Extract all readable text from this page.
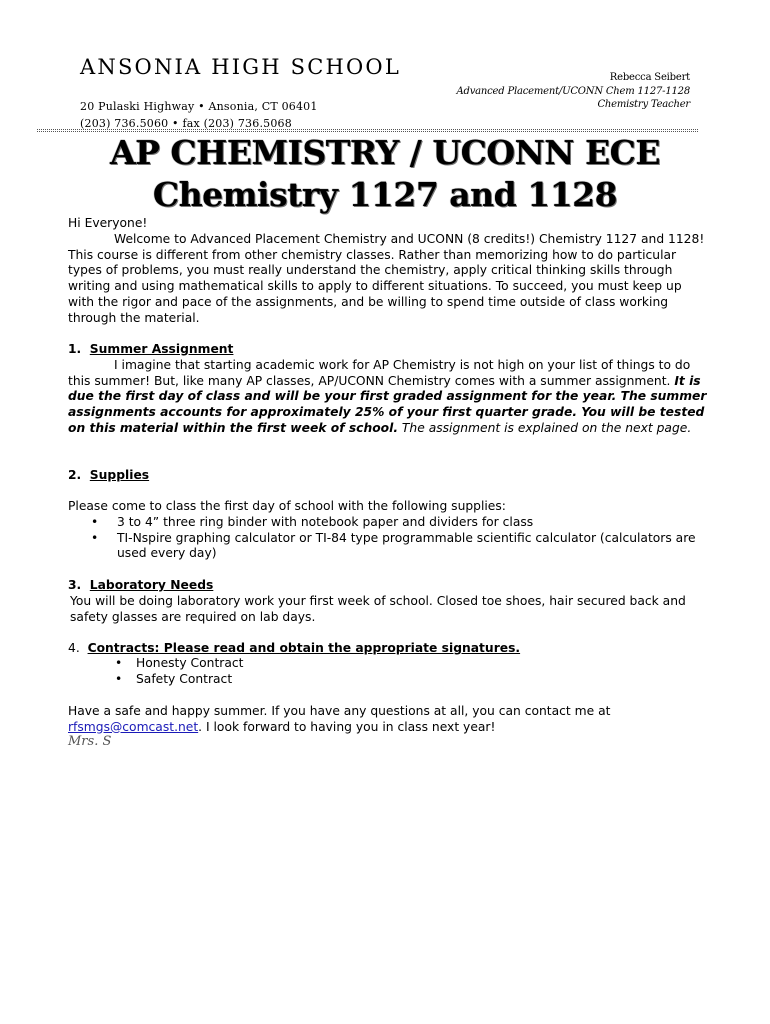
ANSONIA HIGH SCHOOL
20 Pulaski Highway • Ansonia, CT 06401
(203) 736.5060 • fax (203) 736.5068
Rebecca Seibert
Advanced Placement/UCONN Chem 1127-1128
Chemistry Teacher
AP CHEMISTRY / UCONN ECE
Chemistry 1127 and 1128

Hi Everyone!

Welcome to Advanced Placement Chemistry and UCONN (8 credits!) Chemistry 1127 and 1128! This course is different from other chemistry classes. Rather than memorizing how to do particular types of problems, you must really understand the chemistry, apply critical thinking skills through writing and using mathematical skills to apply to different situations. To succeed, you must keep up with the rigor and pace of the assignments, and be willing to spend time outside of class working through the material.

1. Summer Assignment

I imagine that starting academic work for AP Chemistry is not high on your list of things to do this summer! But, like many AP classes, AP/UCONN Chemistry comes with a summer assignment. It is due the first day of class and will be your first graded assignment for the year. The summer assignments accounts for approximately 25% of your first quarter grade. You will be tested on this material within the first week of school. The assignment is explained on the next page.

2. Supplies

Please come to class the first day of school with the following supplies:

• 3 to 4” three ring binder with notebook paper and dividers for class
• TI-Nspire graphing calculator or TI-84 type programmable scientific calculator (calculators are used every day)

3. Laboratory Needs

You will be doing laboratory work your first week of school. Closed toe shoes, hair secured back and safety glasses are required on lab days.

4. Contracts: Please read and obtain the appropriate signatures.

• Honesty Contract
• Safety Contract

Have a safe and happy summer. If you have any questions at all, you can contact me at rfsmgs@comcast.net. I look forward to having you in class next year!

Mrs. S
